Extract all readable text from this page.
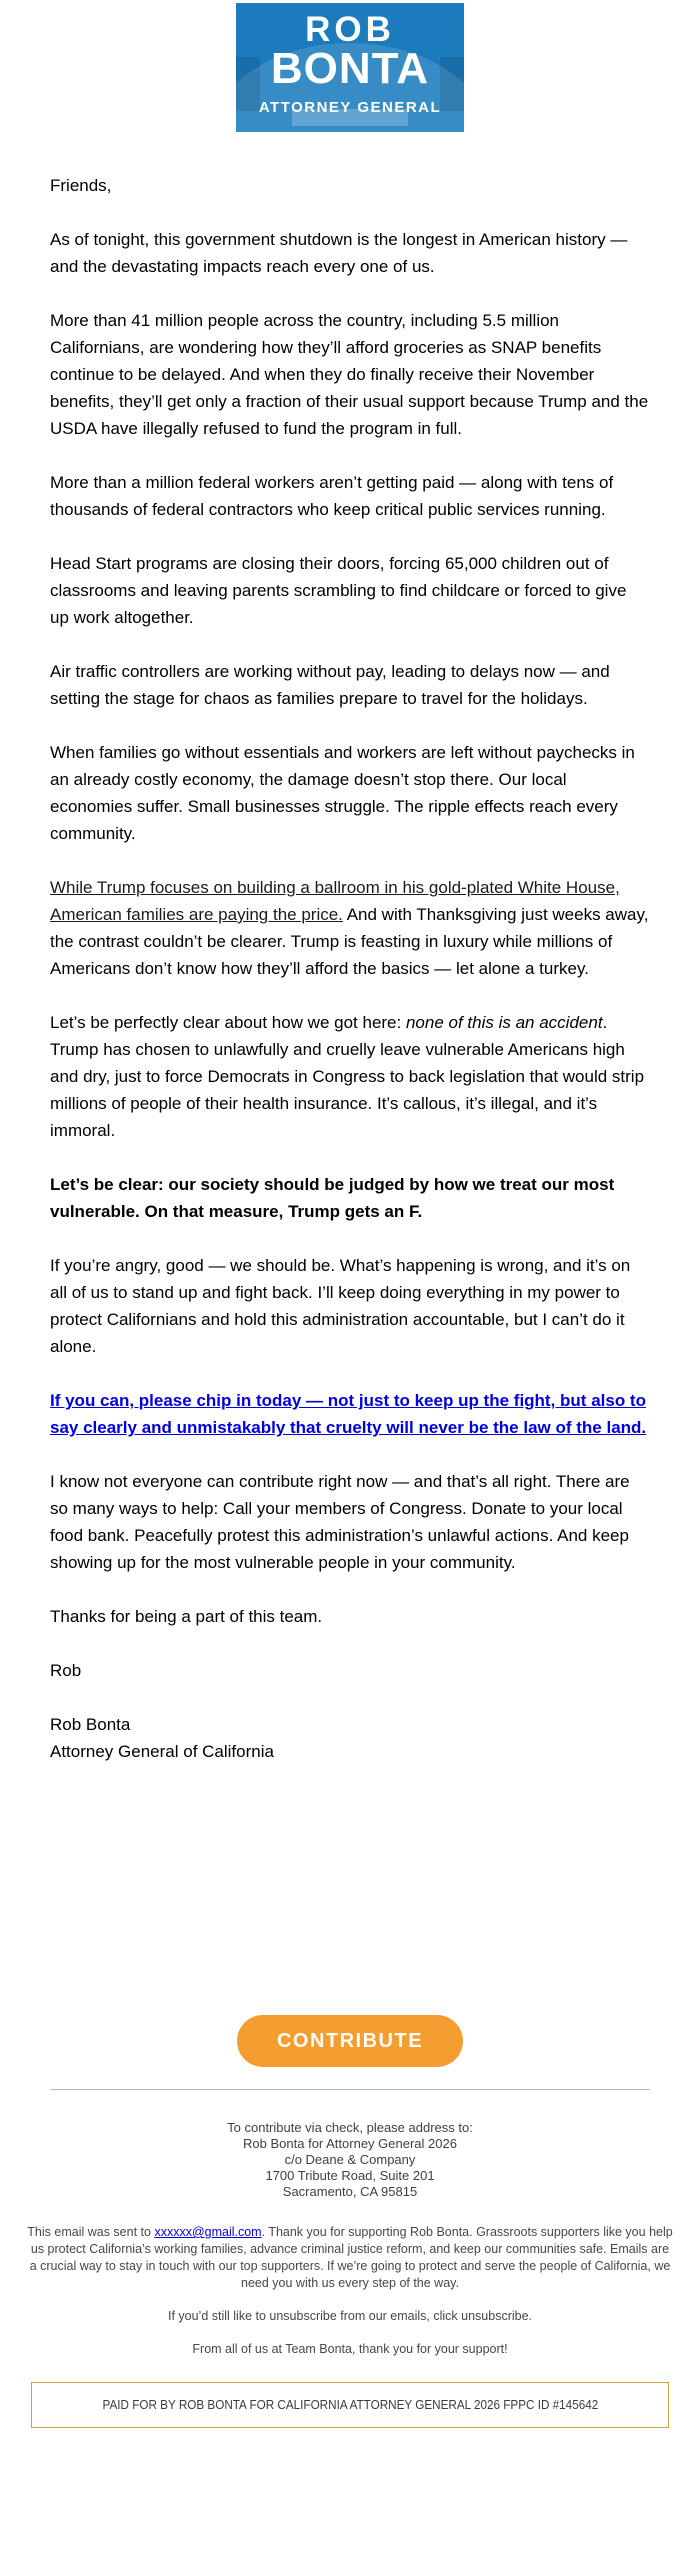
ROB
BONTA
ATTORNEY GENERAL

Friends,

As of tonight, this government shutdown is the longest in American history — and the devastating impacts reach every one of us.

More than 41 million people across the country, including 5.5 million Californians, are wondering how they’ll afford groceries as SNAP benefits continue to be delayed. And when they do finally receive their November benefits, they’ll get only a fraction of their usual support because Trump and the USDA have illegally refused to fund the program in full.

More than a million federal workers aren’t getting paid — along with tens of thousands of federal contractors who keep critical public services running.

Head Start programs are closing their doors, forcing 65,000 children out of classrooms and leaving parents scrambling to find childcare or forced to give up work altogether.

Air traffic controllers are working without pay, leading to delays now — and setting the stage for chaos as families prepare to travel for the holidays.

When families go without essentials and workers are left without paychecks in an already costly economy, the damage doesn’t stop there. Our local economies suffer. Small businesses struggle. The ripple effects reach every community.

While Trump focuses on building a ballroom in his gold-plated White House, American families are paying the price. And with Thanksgiving just weeks away, the contrast couldn’t be clearer. Trump is feasting in luxury while millions of Americans don’t know how they’ll afford the basics — let alone a turkey.

Let’s be perfectly clear about how we got here: none of this is an accident. Trump has chosen to unlawfully and cruelly leave vulnerable Americans high and dry, just to force Democrats in Congress to back legislation that would strip millions of people of their health insurance. It’s callous, it’s illegal, and it’s immoral.

Let’s be clear: our society should be judged by how we treat our most vulnerable. On that measure, Trump gets an F.

If you’re angry, good — we should be. What’s happening is wrong, and it’s on all of us to stand up and fight back. I’ll keep doing everything in my power to protect Californians and hold this administration accountable, but I can’t do it alone.

If you can, please chip in today — not just to keep up the fight, but also to say clearly and unmistakably that cruelty will never be the law of the land.

I know not everyone can contribute right now — and that’s all right. There are so many ways to help: Call your members of Congress. Donate to your local food bank. Peacefully protest this administration’s unlawful actions. And keep showing up for the most vulnerable people in your community.

Thanks for being a part of this team.

Rob

Rob Bonta
Attorney General of California

CONTRIBUTE
To contribute via check, please address to:
Rob Bonta for Attorney General 2026
c/o Deane & Company
1700 Tribute Road, Suite 201
Sacramento, CA 95815
This email was sent to xxxxxx@gmail.com. Thank you for supporting Rob Bonta. Grassroots supporters like you help us protect California’s working families, advance criminal justice reform, and keep our communities safe. Emails are a crucial way to stay in touch with our top supporters. If we’re going to protect and serve the people of California, we need you with us every step of the way.
If you’d still like to unsubscribe from our emails, click unsubscribe.
From all of us at Team Bonta, thank you for your support!
PAID FOR BY ROB BONTA FOR CALIFORNIA ATTORNEY GENERAL 2026 FPPC ID #145642
